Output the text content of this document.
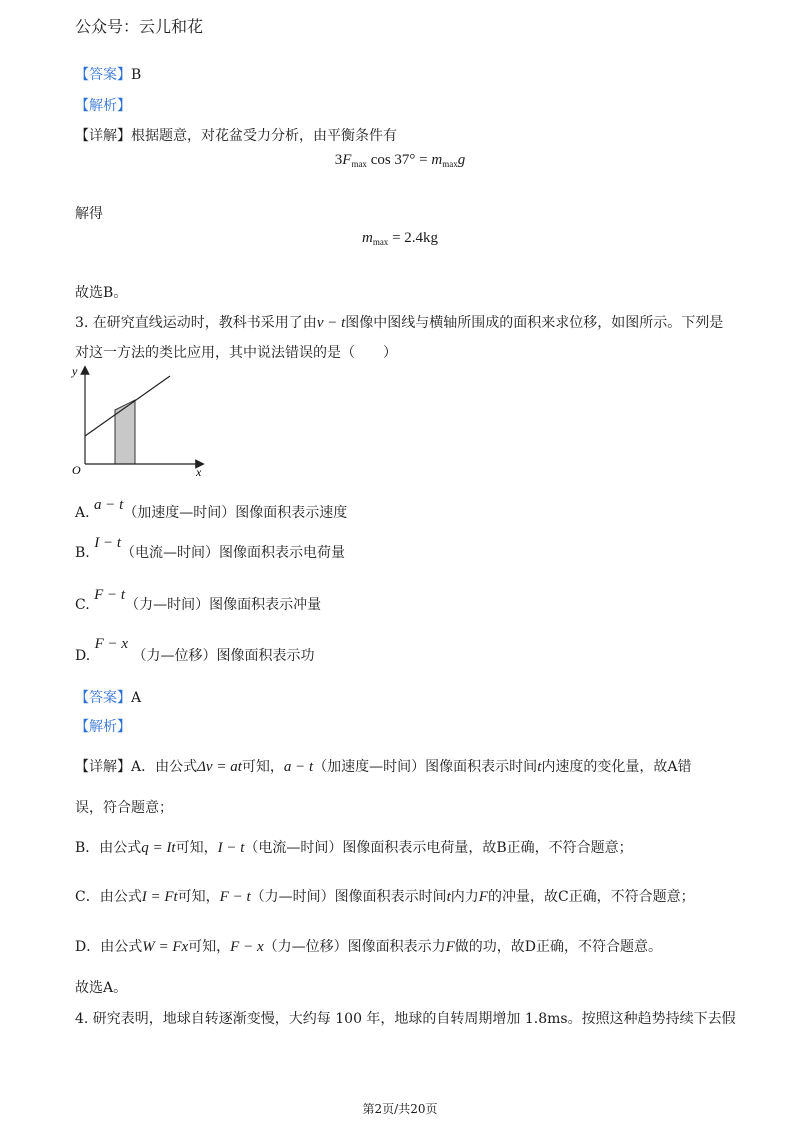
公众号：云儿和花
【答案】B
【解析】
【详解】根据题意，对花盆受力分析，由平衡条件有
$3F_{max}$ $\cos 37^\circ = m_{max}g$
解得
$m_{max} = 2.4kg$
故选B。
3. 在研究直线运动时，教科书采用了由v − t图像中图线与横轴所围成的面积来求位移，如图所示。下列是
对这一方法的类比应用，其中说法错误的是（　　）
y
x
O
A. a − t（加速度—时间）图像面积表示速度
B. I − t（电流—时间）图像面积表示电荷量
C. F − t（力—时间）图像面积表示冲量
D. F − x （力—位移）图像面积表示功
【答案】A
【解析】
【详解】A．由公式Δv = at可知，a − t（加速度—时间）图像面积表示时间t内速度的变化量，故A错
误，符合题意；
B．由公式q = It可知，I − t（电流—时间）图像面积表示电荷量，故B正确，不符合题意；
C．由公式I = Ft可知，F − t（力—时间）图像面积表示时间t内力F的冲量，故C正确，不符合题意；
D．由公式W = Fx可知，F − x（力—位移）图像面积表示力F做的功，故D正确，不符合题意。
故选A。
4. 研究表明，地球自转逐渐变慢，大约每 100 年，地球的自转周期增加 1.8ms。按照这种趋势持续下去假
第2页/共20页
